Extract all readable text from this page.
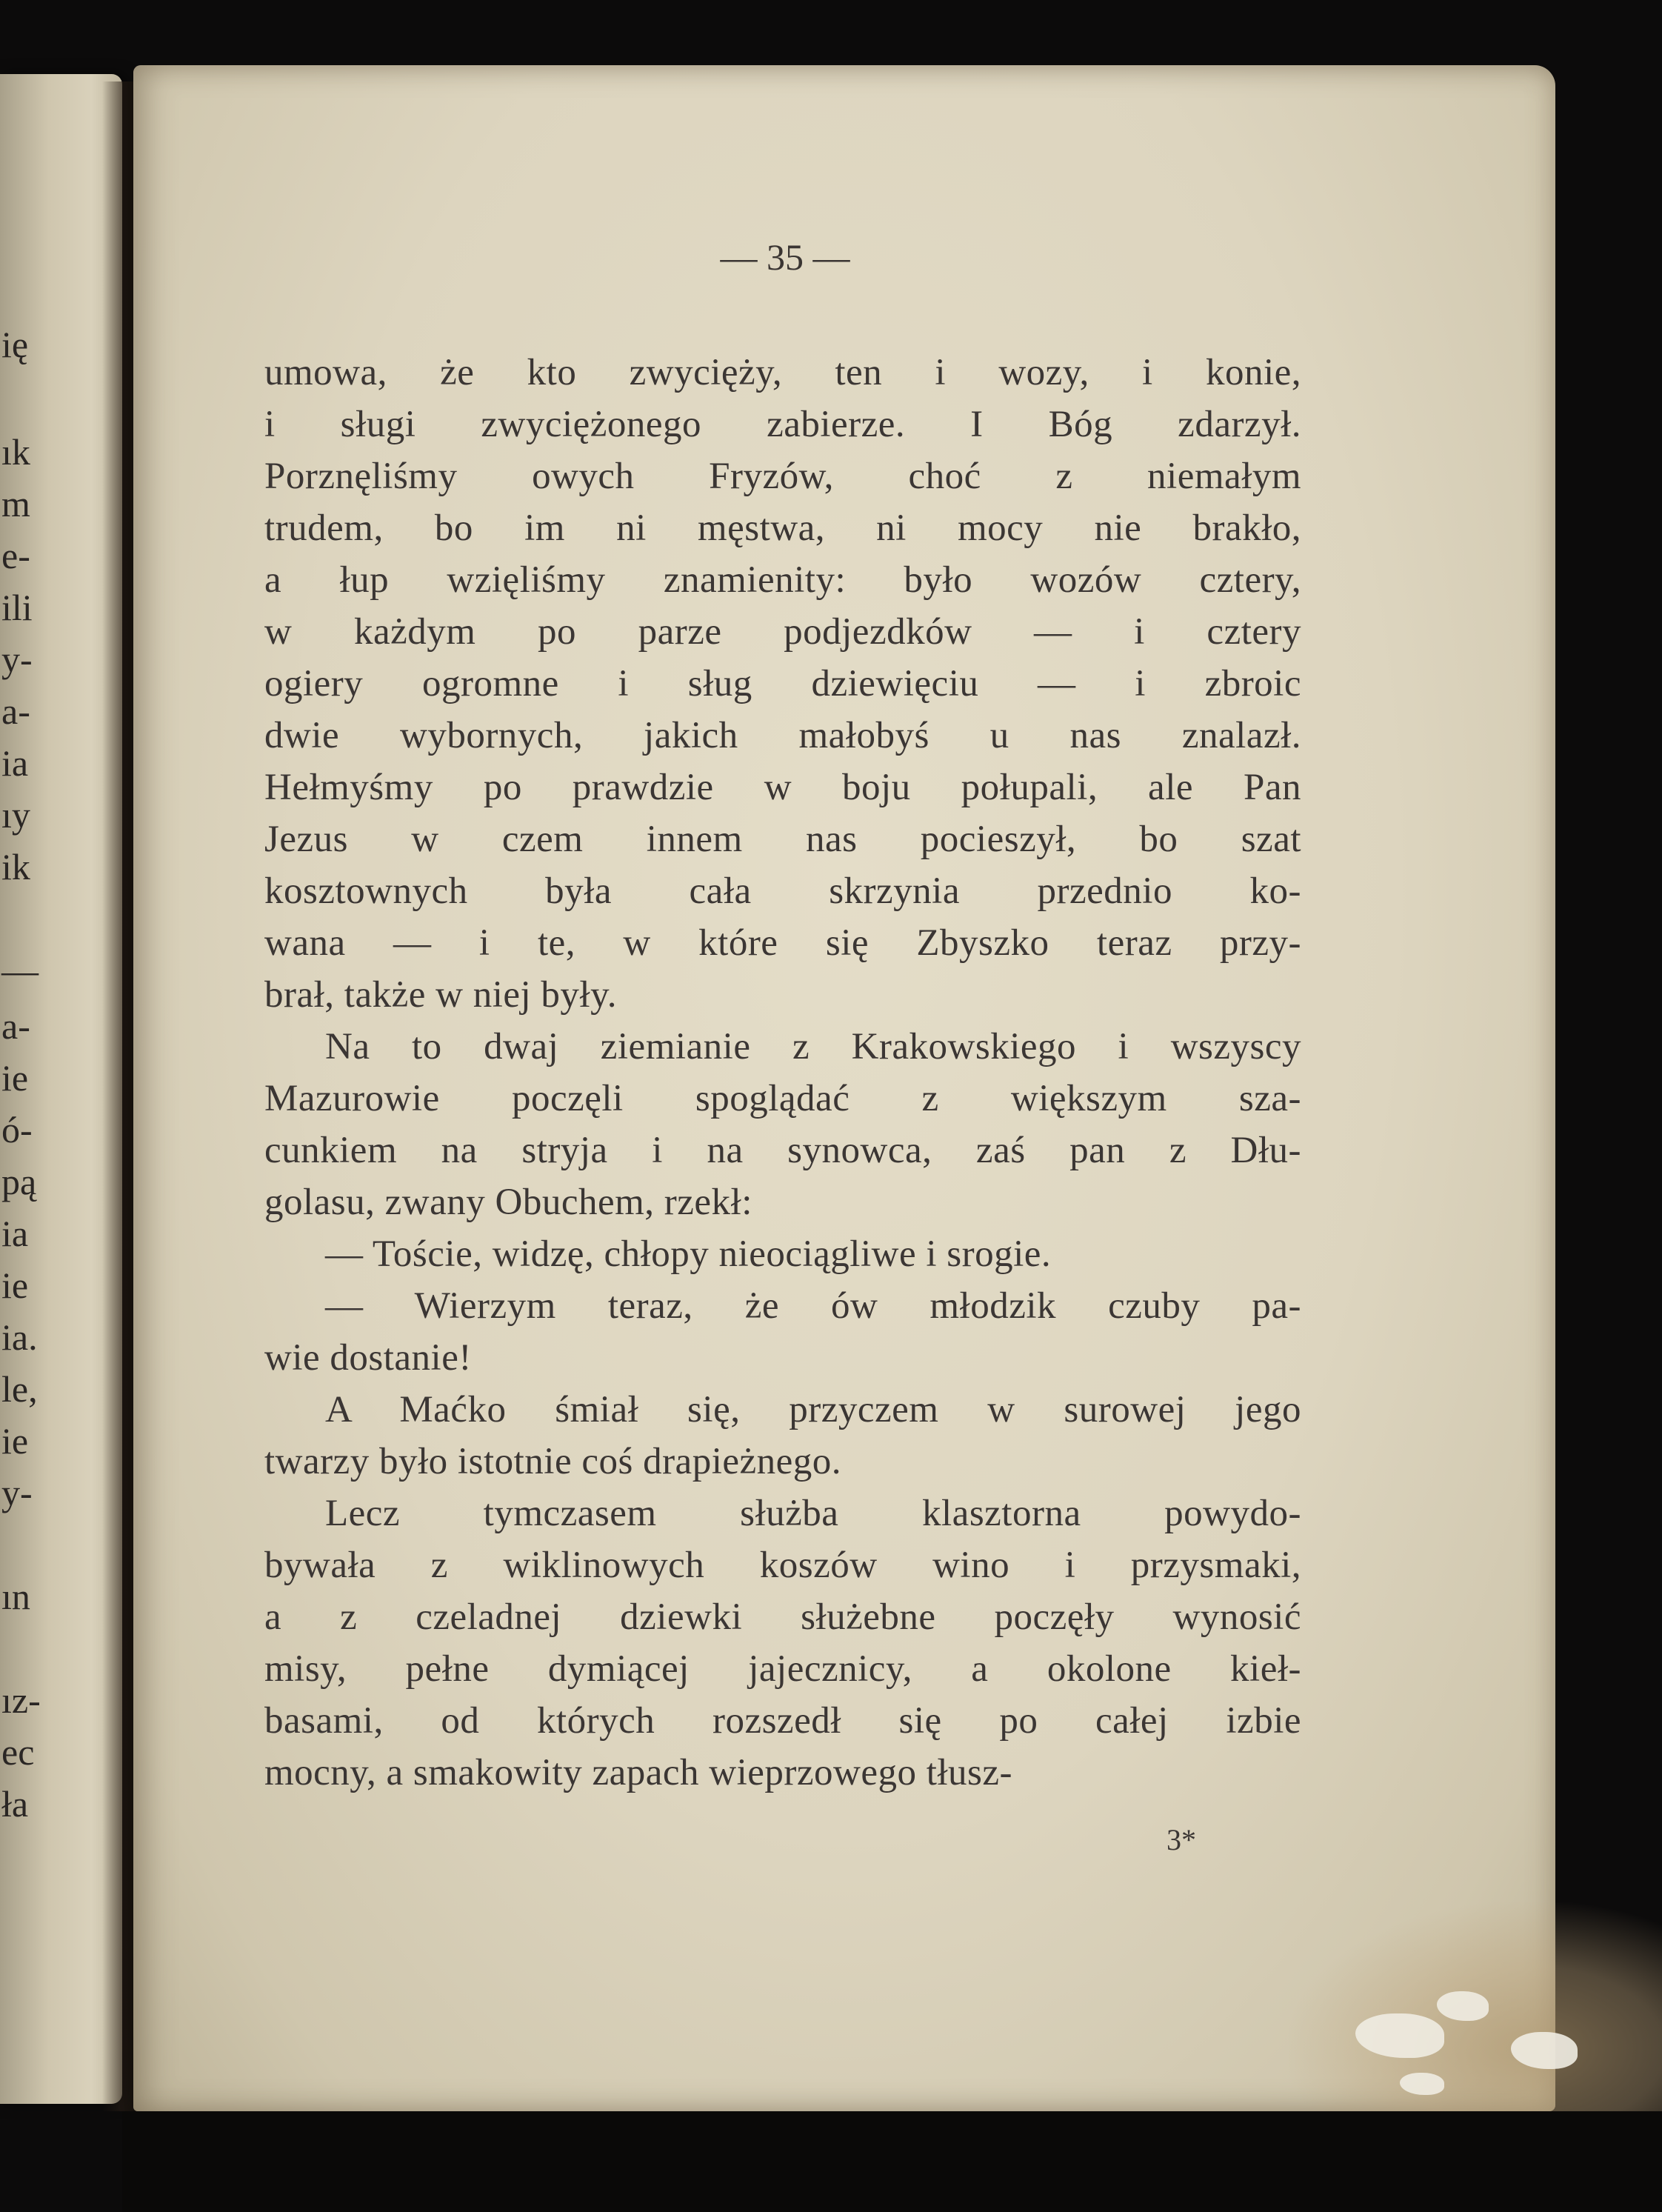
ię
ık
m
e-
ili
y-
a-
ia
ıy
ik
—
a-
ie
ó-
pą
ia
ie
ia.
le,
ie
y-
ın
ız-
ec
ła
— 35 —
umowa, że kto zwycięży, ten i wozy, i konie,
i sługi zwyciężonego zabierze. I Bóg zdarzył.
Porznęliśmy owych Fryzów, choć z niemałym
trudem, bo im ni męstwa, ni mocy nie brakło,
a łup wzięliśmy znamienity: było wozów cztery,
w każdym po parze podjezdków — i cztery
ogiery ogromne i sług dziewięciu — i zbroic
dwie wybornych, jakich małobyś u nas znalazł.
Hełmyśmy po prawdzie w boju połupali, ale Pan
Jezus w czem innem nas pocieszył, bo szat
kosztownych była cała skrzynia przednio ko-
wana — i te, w które się Zbyszko teraz przy-
brał, także w niej były.
Na to dwaj ziemianie z Krakowskiego i wszyscy
Mazurowie poczęli spoglądać z większym sza-
cunkiem na stryja i na synowca, zaś pan z Dłu-
golasu, zwany Obuchem, rzekł:
— Toście, widzę, chłopy nieociągliwe i srogie.
— Wierzym teraz, że ów młodzik czuby pa-
wie dostanie!
A Maćko śmiał się, przyczem w surowej jego
twarzy było istotnie coś drapieżnego.
Lecz tymczasem służba klasztorna powydo-
bywała z wiklinowych koszów wino i przysmaki,
a z czeladnej dziewki służebne poczęły wynosić
misy, pełne dymiącej jajecznicy, a okolone kieł-
basami, od których rozszedł się po całej izbie
mocny, a smakowity zapach wieprzowego tłusz-
3*
